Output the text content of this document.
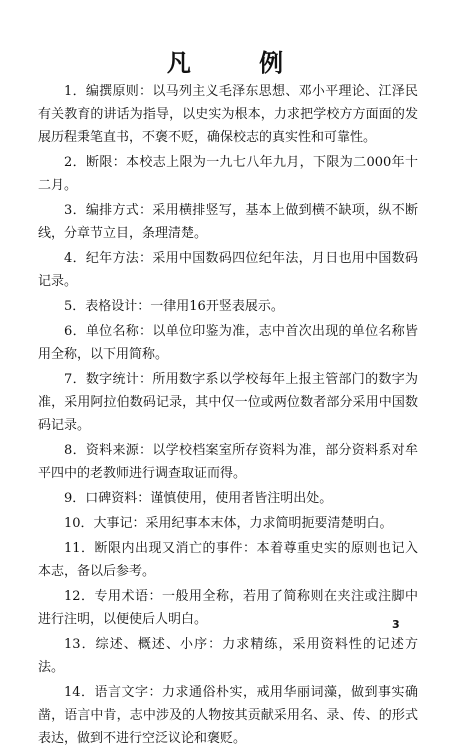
凡 例

1．编撰原则：以马列主义毛泽东思想、邓小平理论、江泽民有关教育的讲话为指导，以史实为根本，力求把学校方方面面的发展历程秉笔直书，不褒不贬，确保校志的真实性和可靠性。

2．断限：本校志上限为一九七八年九月，下限为二000年十二月。

3．编排方式：采用横排竖写，基本上做到横不缺项，纵不断线，分章节立目，条理清楚。

4．纪年方法：采用中国数码四位纪年法，月日也用中国数码记录。

5．表格设计：一律用16开竖表展示。

6．单位名称：以单位印鉴为准，志中首次出现的单位名称皆用全称，以下用简称。

7．数字统计：所用数字系以学校每年上报主管部门的数字为准，采用阿拉伯数码记录，其中仅一位或两位数者部分采用中国数码记录。

8．资料来源：以学校档案室所存资料为准，部分资料系对牟平四中的老教师进行调查取证而得。

9．口碑资料：谨慎使用，使用者皆注明出处。

10．大事记：采用纪事本末体，力求简明扼要清楚明白。

11．断限内出现又消亡的事件：本着尊重史实的原则也记入本志，备以后参考。

12．专用术语：一般用全称，若用了简称则在夹注或注脚中进行注明，以便使后人明白。

13．综述、概述、小序：力求精练，采用资料性的记述方法。

14．语言文字：力求通俗朴实，戒用华丽词藻，做到事实确凿，语言中肯，志中涉及的人物按其贡献采用名、录、传、的形式表达，做到不进行空泛议论和褒贬。

3
